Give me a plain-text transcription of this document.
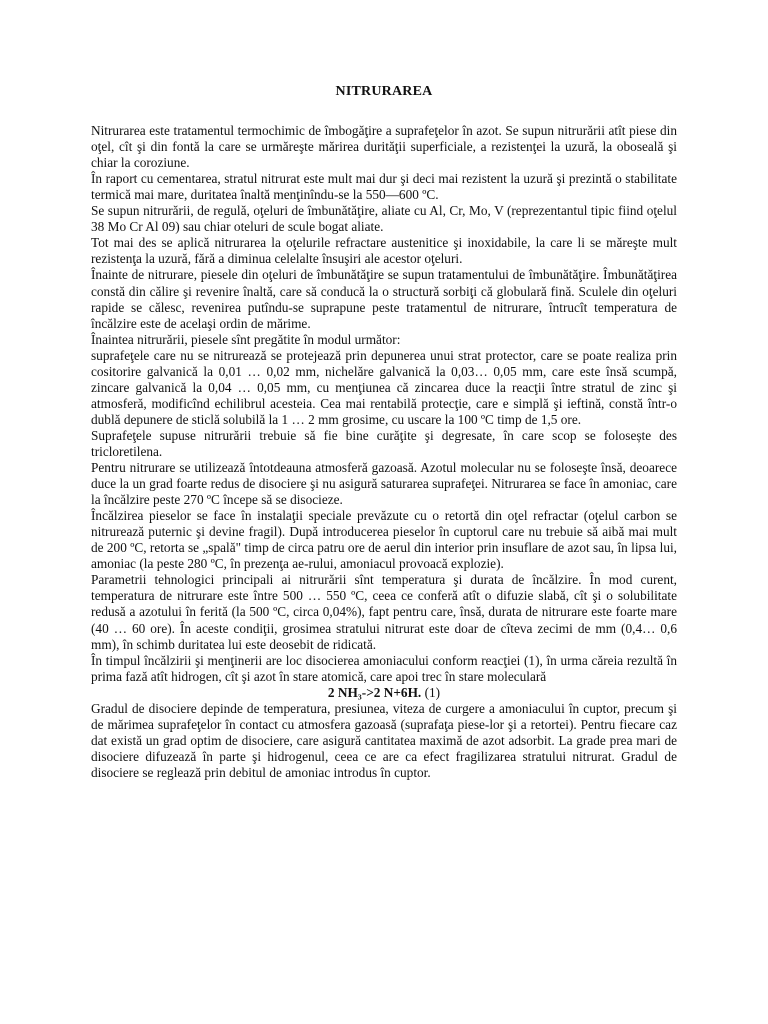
NITRURAREA

Nitrurarea este tratamentul termochimic de îmbogăţire a suprafeţelor în azot. Se supun nitrurării atît piese din oţel, cît şi din fontă la care se urmăreşte mărirea durităţii superficiale, a rezistenţei la uzură, la oboseală şi chiar la coroziune.

În raport cu cementarea, stratul nitrurat este mult mai dur şi deci mai rezistent la uzură şi prezintă o stabilitate termică mai mare, duritatea înaltă menţinîndu-se la 550—600 ºC.

Se supun nitrurării, de regulă, oţeluri de îmbunătăţire, aliate cu Al, Cr, Mo, V (reprezentantul tipic fiind oţelul 38 Mo Cr Al 09) sau chiar oteluri de scule bogat aliate.

Tot mai des se aplică nitrurarea la oţelurile refractare austenitice şi inoxidabile, la care li se măreşte mult rezistenţa la uzură, fără a diminua celelalte însuşiri ale acestor oţeluri.

Înainte de nitrurare, piesele din oţeluri de îmbunătăţire se supun tratamentului de îmbunătăţire. Îmbunătăţirea constă din călire şi revenire înaltă, care să conducă la o structură sorbiţi că globulară fină. Sculele din oţeluri rapide se călesc, revenirea putîndu-se suprapune peste tratamentul de nitrurare, întrucît temperatura de încălzire este de acelaşi ordin de mărime.

Înaintea nitrurării, piesele sînt pregătite în modul următor:

suprafeţele care nu se nitrurează se protejează prin depunerea unui strat protector, care se poate realiza prin cositorire galvanică la 0,01 … 0,02 mm, nichelăre galvanică la 0,03… 0,05 mm, care este însă scumpă, zincare galvanică la 0,04 … 0,05 mm, cu menţiunea că zincarea duce la reacţii între stratul de zinc şi atmosferă, modificînd echilibrul acesteia. Cea mai rentabilă protecţie, care e simplă şi ieftină, constă într-o dublă depunere de sticlă solubilă la 1 … 2 mm grosime, cu uscare la 100 ºC timp de 1,5 ore.

Suprafeţele supuse nitrurării trebuie să fie bine curăţite şi degresate, în care scop se folosește des tricloretilena.

Pentru nitrurare se utilizează întotdeauna atmosferă gazoasă. Azotul molecular nu se foloseşte însă, deoarece duce la un grad foarte redus de disociere şi nu asigură saturarea suprafeţei. Nitrurarea se face în amoniac, care la încălzire peste 270 ºC începe să se disocieze.

Încălzirea pieselor se face în instalaţii speciale prevăzute cu o retortă din oţel refractar (oţelul carbon se nitrurează puternic şi devine fragil). După introducerea pieselor în cuptorul care nu trebuie să aibă mai mult de 200 ºC, retorta se „spală" timp de circa patru ore de aerul din interior prin insuflare de azot sau, în lipsa lui, amoniac (la peste 280 ºC, în prezenţa ae-rului, amoniacul provoacă explozie).

Parametrii tehnologici principali ai nitrurării sînt temperatura şi durata de încălzire. În mod curent, temperatura de nitrurare este între 500 … 550 ºC, ceea ce conferă atît o difuzie slabă, cît şi o solubilitate redusă a azotului în ferită (la 500 ºC, circa 0,04%), fapt pentru care, însă, durata de nitrurare este foarte mare (40 … 60 ore). În aceste condiţii, grosimea stratului nitrurat este doar de cîteva zecimi de mm (0,4… 0,6 mm), în schimb duritatea lui este deosebit de ridicată.

În timpul încălzirii şi menţinerii are loc disocierea amoniacului conform reacţiei (1), în urma căreia rezultă în prima fază atît hidrogen, cît şi azot în stare atomică, care apoi trec în stare moleculară

2 NH₃->2 N+6H. (1)

Gradul de disociere depinde de temperatura, presiunea, viteza de curgere a amoniacului în cuptor, precum şi de mărimea suprafeţelor în contact cu atmosfera gazoasă (suprafaţa piese-lor şi a retortei). Pentru fiecare caz dat există un grad optim de disociere, care asigură cantitatea maximă de azot adsorbit. La grade prea mari de disociere difuzează în parte şi hidrogenul, ceea ce are ca efect fragilizarea stratului nitrurat. Gradul de disociere se reglează prin debitul de amoniac introdus în cuptor.
